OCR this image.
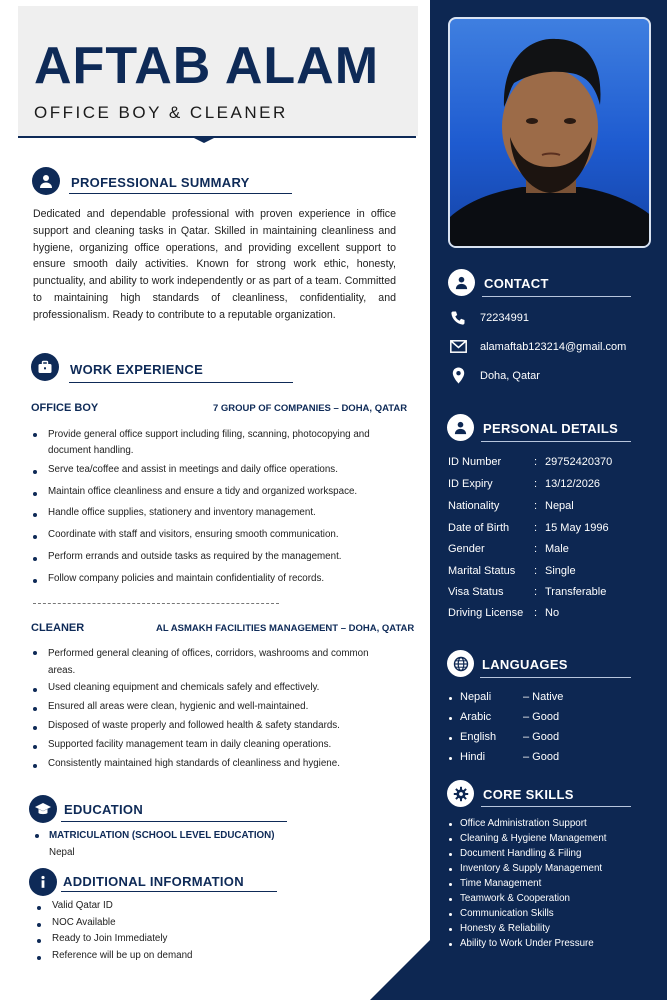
AFTAB ALAM
OFFICE BOY & CLEANER
PROFESSIONAL SUMMARY
Dedicated and dependable professional with proven experience in office support and cleaning tasks in Qatar. Skilled in maintaining cleanliness and hygiene, organizing office operations, and providing excellent support to ensure smooth daily activities. Known for strong work ethic, honesty, punctuality, and ability to work independently or as part of a team. Committed to maintaining high standards of cleanliness, confidentiality, and professionalism. Ready to contribute to a reputable organization.
WORK EXPERIENCE
OFFICE BOY	7 GROUP OF COMPANIES – DOHA, QATAR
Provide general office support including filing, scanning, photocopying and document handling.
Serve tea/coffee and assist in meetings and daily office operations.
Maintain office cleanliness and ensure a tidy and organized workspace.
Handle office supplies, stationery and inventory management.
Coordinate with staff and visitors, ensuring smooth communication.
Perform errands and outside tasks as required by the management.
Follow company policies and maintain confidentiality of records.
CLEANER	AL ASMAKH FACILITIES MANAGEMENT – DOHA, QATAR
Performed general cleaning of offices, corridors, washrooms and common areas.
Used cleaning equipment and chemicals safely and effectively.
Ensured all areas were clean, hygienic and well-maintained.
Disposed of waste properly and followed health & safety standards.
Supported facility management team in daily cleaning operations.
Consistently maintained high standards of cleanliness and hygiene.
EDUCATION
MATRICULATION (SCHOOL LEVEL EDUCATION)
Nepal
ADDITIONAL INFORMATION
Valid Qatar ID
NOC Available
Ready to Join Immediately
Reference will be up on demand
CONTACT
72234991
alamaftab123214@gmail.com
Doha, Qatar
PERSONAL DETAILS
ID Number	: 29752420370
ID Expiry	: 13/12/2026
Nationality	: Nepal
Date of Birth : 15 May 1996
Gender	: Male
Marital Status : Single
Visa Status	: Transferable
Driving License : No
LANGUAGES
Nepali	– Native
Arabic	– Good
English – Good
Hindi	– Good
CORE SKILLS
Office Administration Support
Cleaning & Hygiene Management
Document Handling & Filing
Inventory & Supply Management
Time Management
Teamwork & Cooperation
Communication Skills
Honesty & Reliability
Ability to Work Under Pressure
